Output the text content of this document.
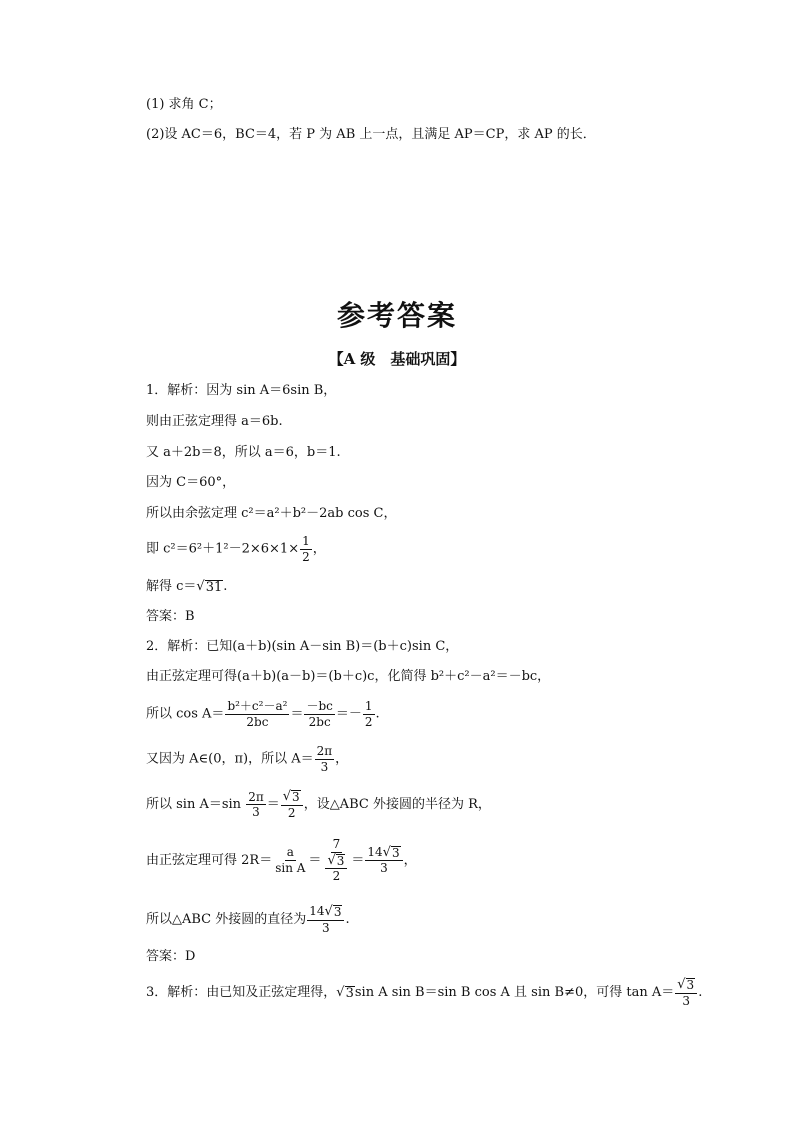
(1) 求角 C；
(2)设 AC＝6，BC＝4，若 P 为 AB 上一点，且满足 AP＝CP，求 AP 的长．
参考答案
【A 级　基础巩固】
1．解析：因为 sin A＝6sin B，
则由正弦定理得 a＝6b.
又 a＋2b＝8，所以 a＝6，b＝1.
因为 C＝60°，
所以由余弦定理 c²＝a²＋b²－2ab cos C，
即 $c^2=6^2+1^2-2\times 6\times 1\times \frac{1}{2}$ ，
解得 c＝ √ 31 .
答案：B
2．解析：已知(a＋b)(sin A－sin B)＝(b＋c)sin C，
由正弦定理可得(a＋b)(a－b)＝(b＋c)c，化简得 b²＋c²－a²＝－bc，
所以 $\cos A= \frac{\text{b²＋c²－a²}}{2bc} = \frac{-bc}{2bc} =- \frac{1}{2}$ .
又因为 A∈(0，π)，所以 $A= \frac{2\pi}{3}$ ，
所以 $\sin A=\sin \frac{2\pi}{3} = \frac{√ 3}{2}$ ，设△ABC 外接圆的半径为 R，
由正弦定理可得 $2R= \frac{a}{\text{sin A}} = \frac{7}{\frac{√ 3}{2}} = \frac{14 √ 3}{3}$ ，
所以△ABC 外接圆的直径为 $\frac{14 √ 3}{3}$ .
答案：D
3．解析：由已知及正弦定理得， √ 3 sin A sin B＝sin B cos A 且 sin B≠0，可得 $\tan A= \frac{√ 3}{3}$ .
